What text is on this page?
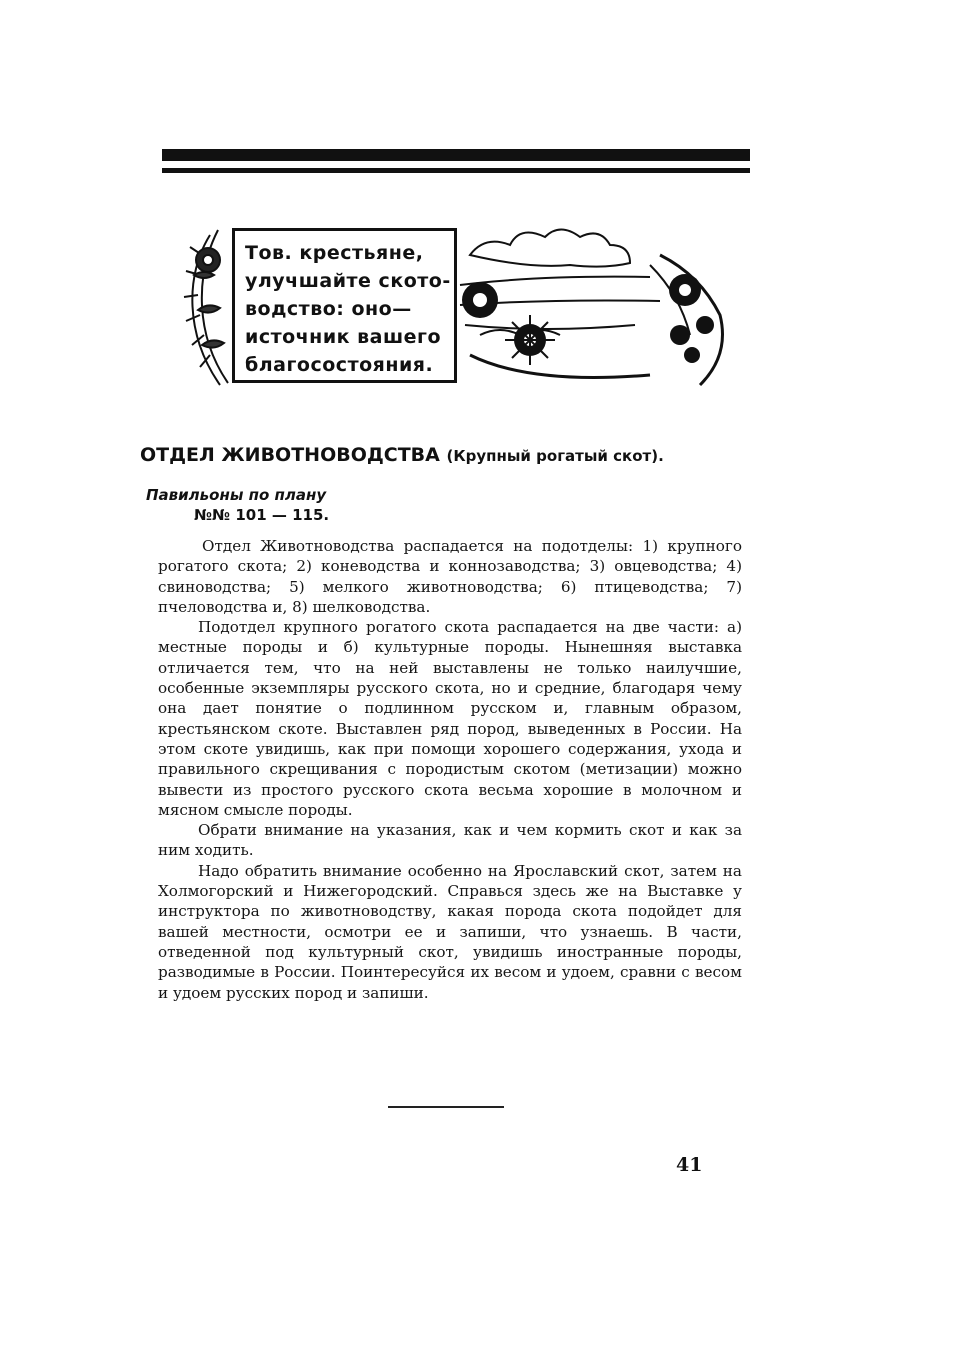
Тов. крестьяне,
улучшайте ското-
водство: оно—
источник вашего
благосостояния.
ОТДЕЛ ЖИВОТНОВОДСТВА (Крупный рогатый скот).
Павильоны по плану
№№ 101 — 115.

Отдел Животноводства распадается на подотделы: 1) крупного рогатого скота; 2) коневодства и коннозаводства; 3) овцеводства; 4) свиноводства; 5) мелкого животноводства; 6) птицеводства; 7) пчеловодства и, 8) шелководства.

Подотдел крупного рогатого скота распадается на две части: а) местные породы и б) культурные породы. Нынешняя выставка отличается тем, что на ней выставлены не только наилучшие, особенные экземпляры русского скота, но и средние, благодаря чему она дает понятие о подлинном русском и, главным образом, крестьянском скоте. Выставлен ряд пород, выведенных в России. На этом скоте увидишь, как при помощи хорошего содержания, ухода и правильного скрещивания с породистым скотом (метизации) можно вывести из простого русского скота весьма хорошие в молочном и мясном смысле породы.

Обрати внимание на указания, как и чем кормить скот и как за ним ходить.

Надо обратить внимание особенно на Ярославский скот, затем на Холмогорский и Нижегородский. Справься здесь же на Выставке у инструктора по животноводству, какая порода скота подойдет для вашей местности, осмотри ее и запиши, что узнаешь. В части, отведенной под культурный скот, увидишь иностранные породы, разводимые в России. Поинтересуйся их весом и удоем, сравни с весом и удоем русских пород и запиши.

41
